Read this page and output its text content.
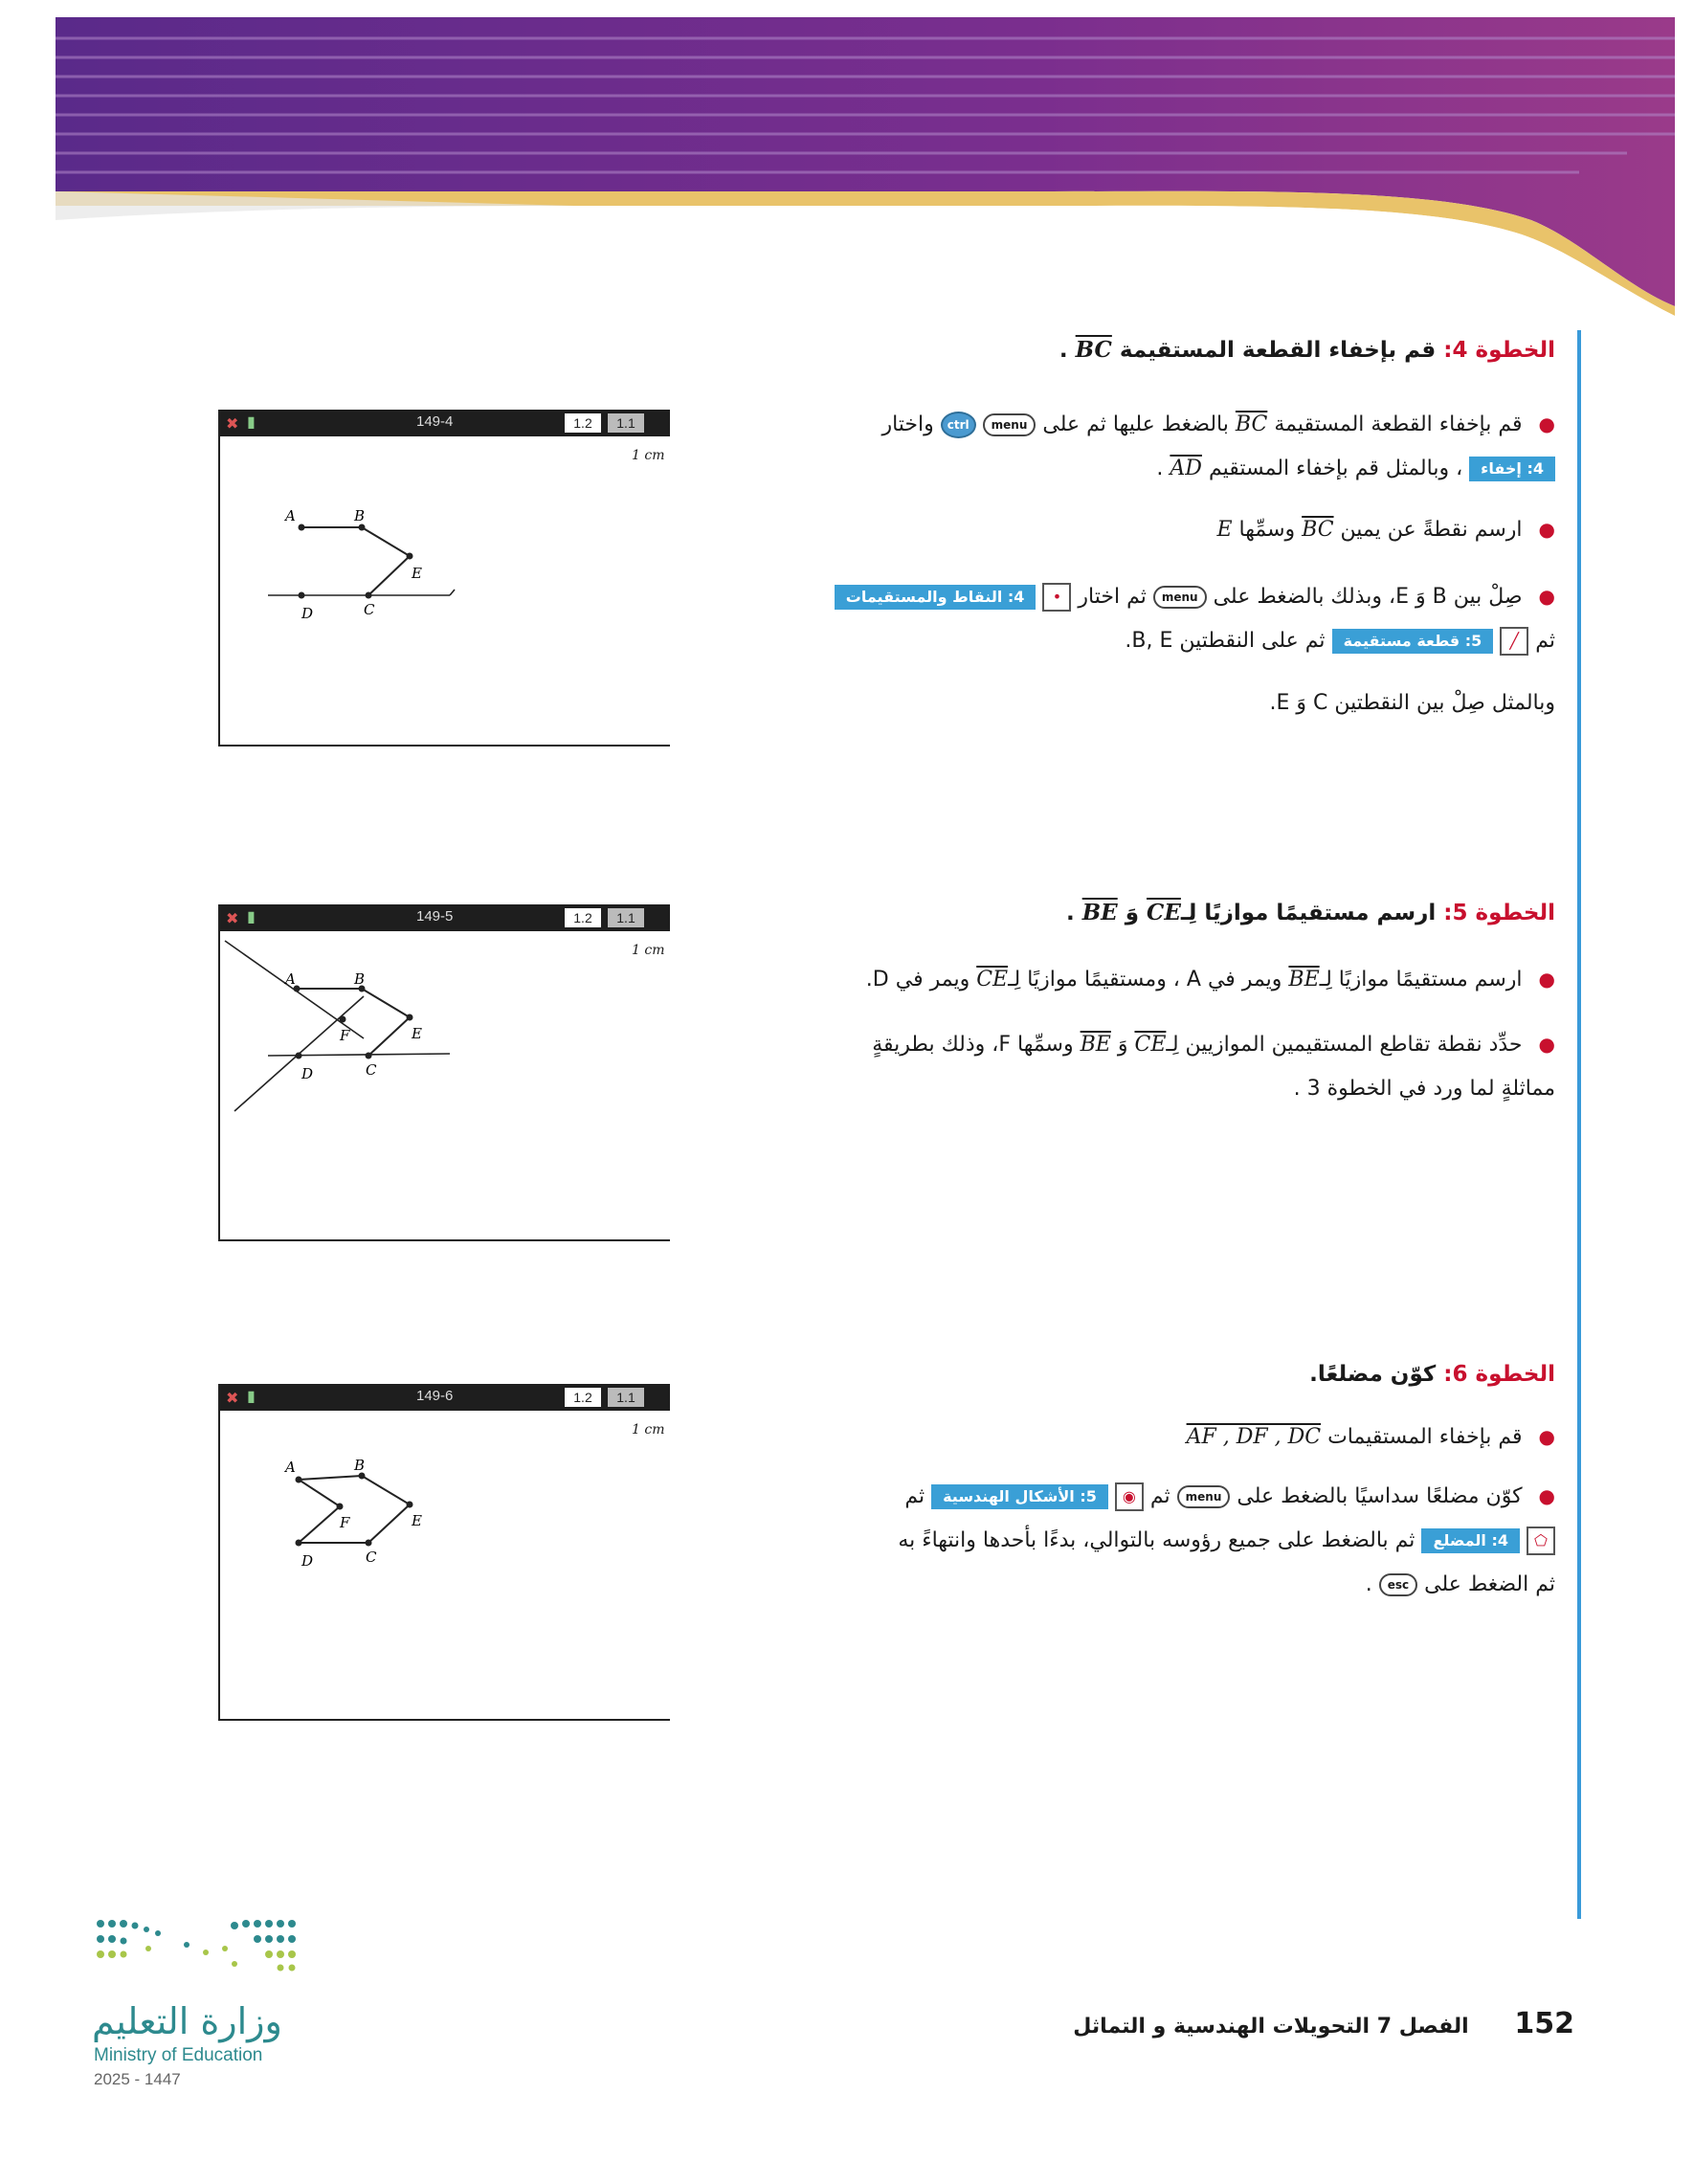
الخطوة 4: قم بإخفاء القطعة المستقيمة BC .
● قم بإخفاء القطعة المستقيمة BC بالضغط عليها ثم على menu ctrl واختار
4: إخفاء ، وبالمثل قم بإخفاء المستقيم AD .
● ارسم نقطةً عن يمين BC وسمِّها E
● صِلْ بين B وَ E، وبذلك بالضغط على menu ثم اختار • 4: النقاط والمستقيمات
ثم ╱ 5: قطعة مستقيمة ثم على النقطتين B, E.
وبالمثل صِلْ بين النقطتين C وَ E.
✖ ▮	149-4	1.2	1.1
1 cm
A	B
E
C
D
الخطوة 5: ارسم مستقيمًا موازيًا لِـCE وَ BE .
● ارسم مستقيمًا موازيًا لِـBE ويمر في A ، ومستقيمًا موازيًا لِـCE ويمر في D.
● حدِّد نقطة تقاطع المستقيمين الموازيين لِـCE وَ BE وسمِّها F، وذلك بطريقةٍ
مماثلةٍ لما ورد في الخطوة 3 .
✖ ▮	149-5	1.2	1.1
1 cm
A	B
E
C
D
F
الخطوة 6: كوّن مضلعًا.
● قم بإخفاء المستقيمات AF , DF , DC
● كوّن مضلعًا سداسيًا بالضغط على menu ثم ◉ 5: الأشكال الهندسية ثم
⬠ 4: المضلع ثم بالضغط على جميع رؤوسه بالتوالي، بدءًا بأحدها وانتهاءً به
ثم الضغط على esc .
✖ ▮	149-6	1.2	1.1
1 cm
A	B
E
C
D
F
وزارة التعليم
Ministry of Education
2025 - 1447
152 الفصل 7 التحويلات الهندسية و التماثل
